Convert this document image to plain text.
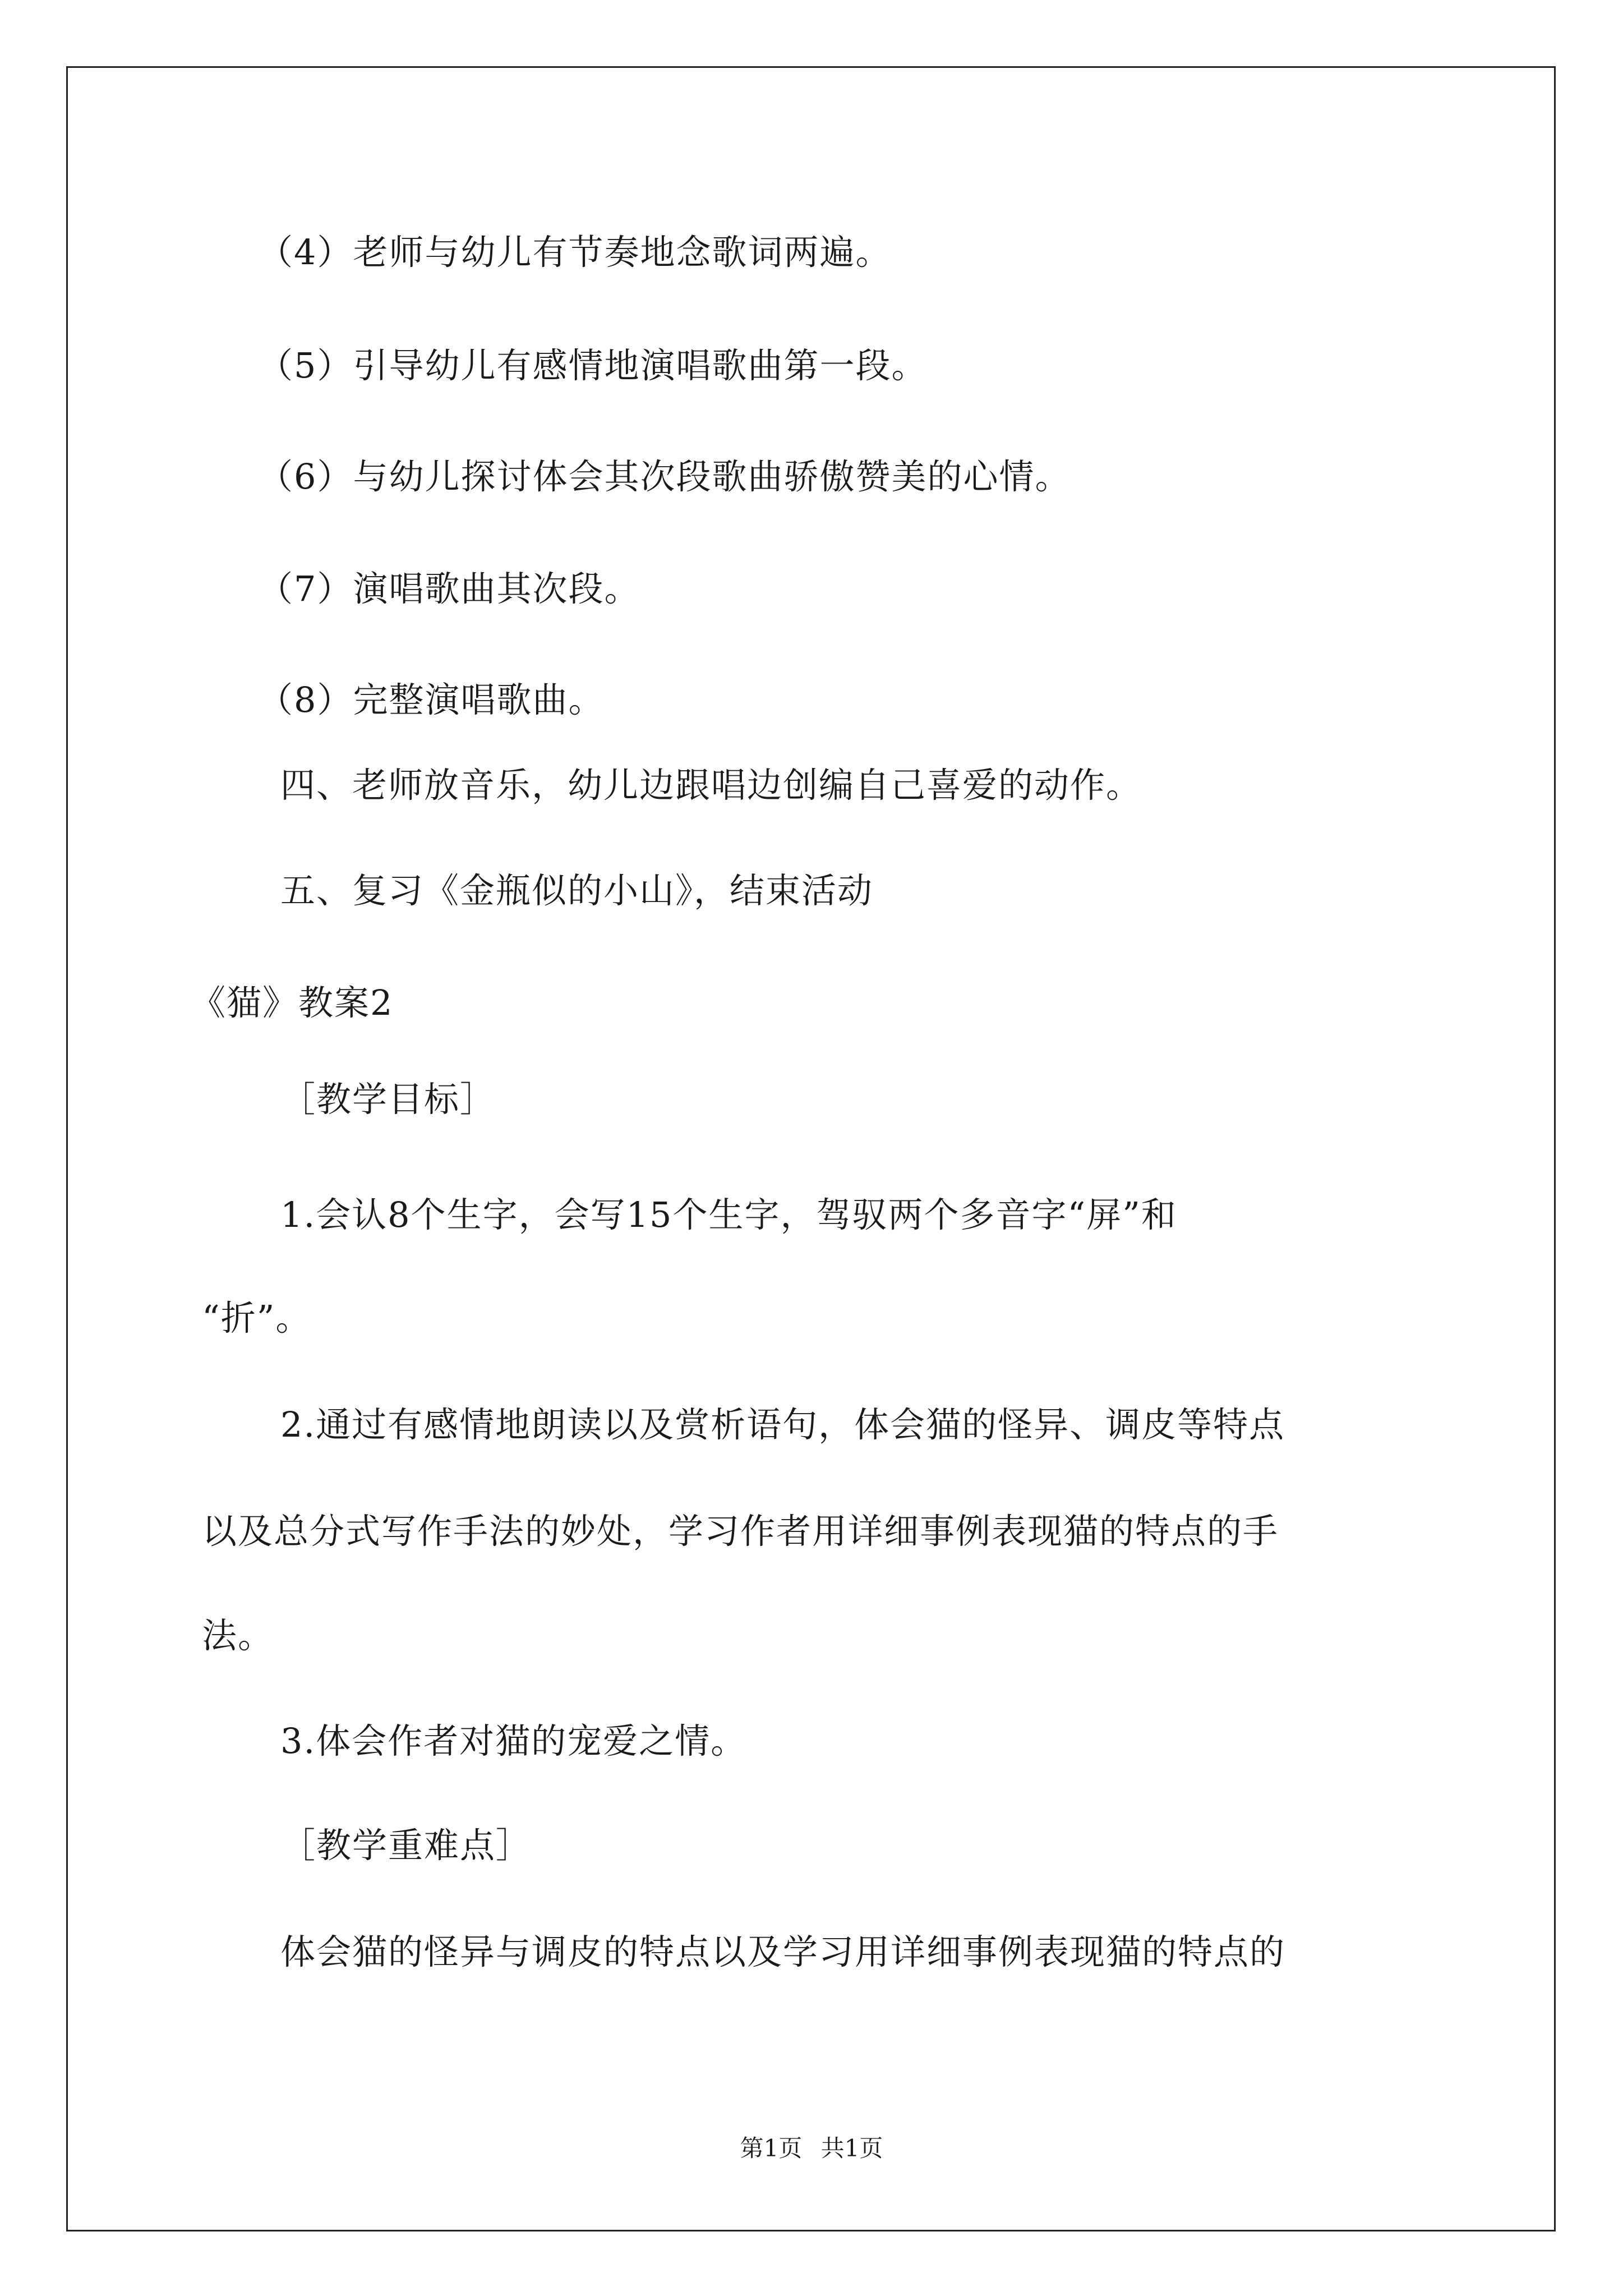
（4）老师与幼儿有节奏地念歌词两遍。
（5）引导幼儿有感情地演唱歌曲第一段。
（6）与幼儿探讨体会其次段歌曲骄傲赞美的心情。
（7）演唱歌曲其次段。
（8）完整演唱歌曲。
四、老师放音乐，幼儿边跟唱边创编自己喜爱的动作。
五、复习《金瓶似的小山》，结束活动
《猫》教案2
［教学目标］
1.会认8个生字，会写15个生字，驾驭两个多音字“屏”和
“折”。
2.通过有感情地朗读以及赏析语句，体会猫的怪异、调皮等特点
以及总分式写作手法的妙处，学习作者用详细事例表现猫的特点的手
法。
3.体会作者对猫的宠爱之情。
［教学重难点］
体会猫的怪异与调皮的特点以及学习用详细事例表现猫的特点的
第1页 共1页
